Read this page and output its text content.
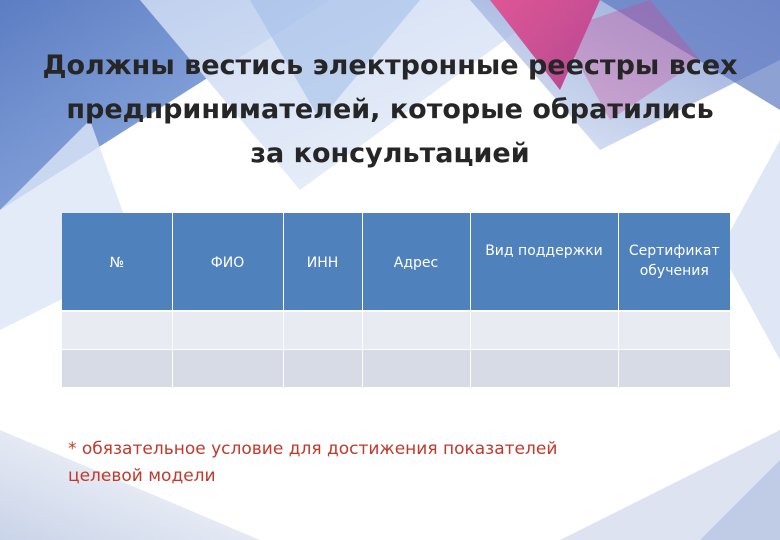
Должны вестись электронные реестры всех
предпринимателей, которые обратились
за консультацией
№	ФИО	ИНН	Адрес	Вид поддержки	Сертификат обучения

* обязательное условие для достижения показателей
целевой модели
